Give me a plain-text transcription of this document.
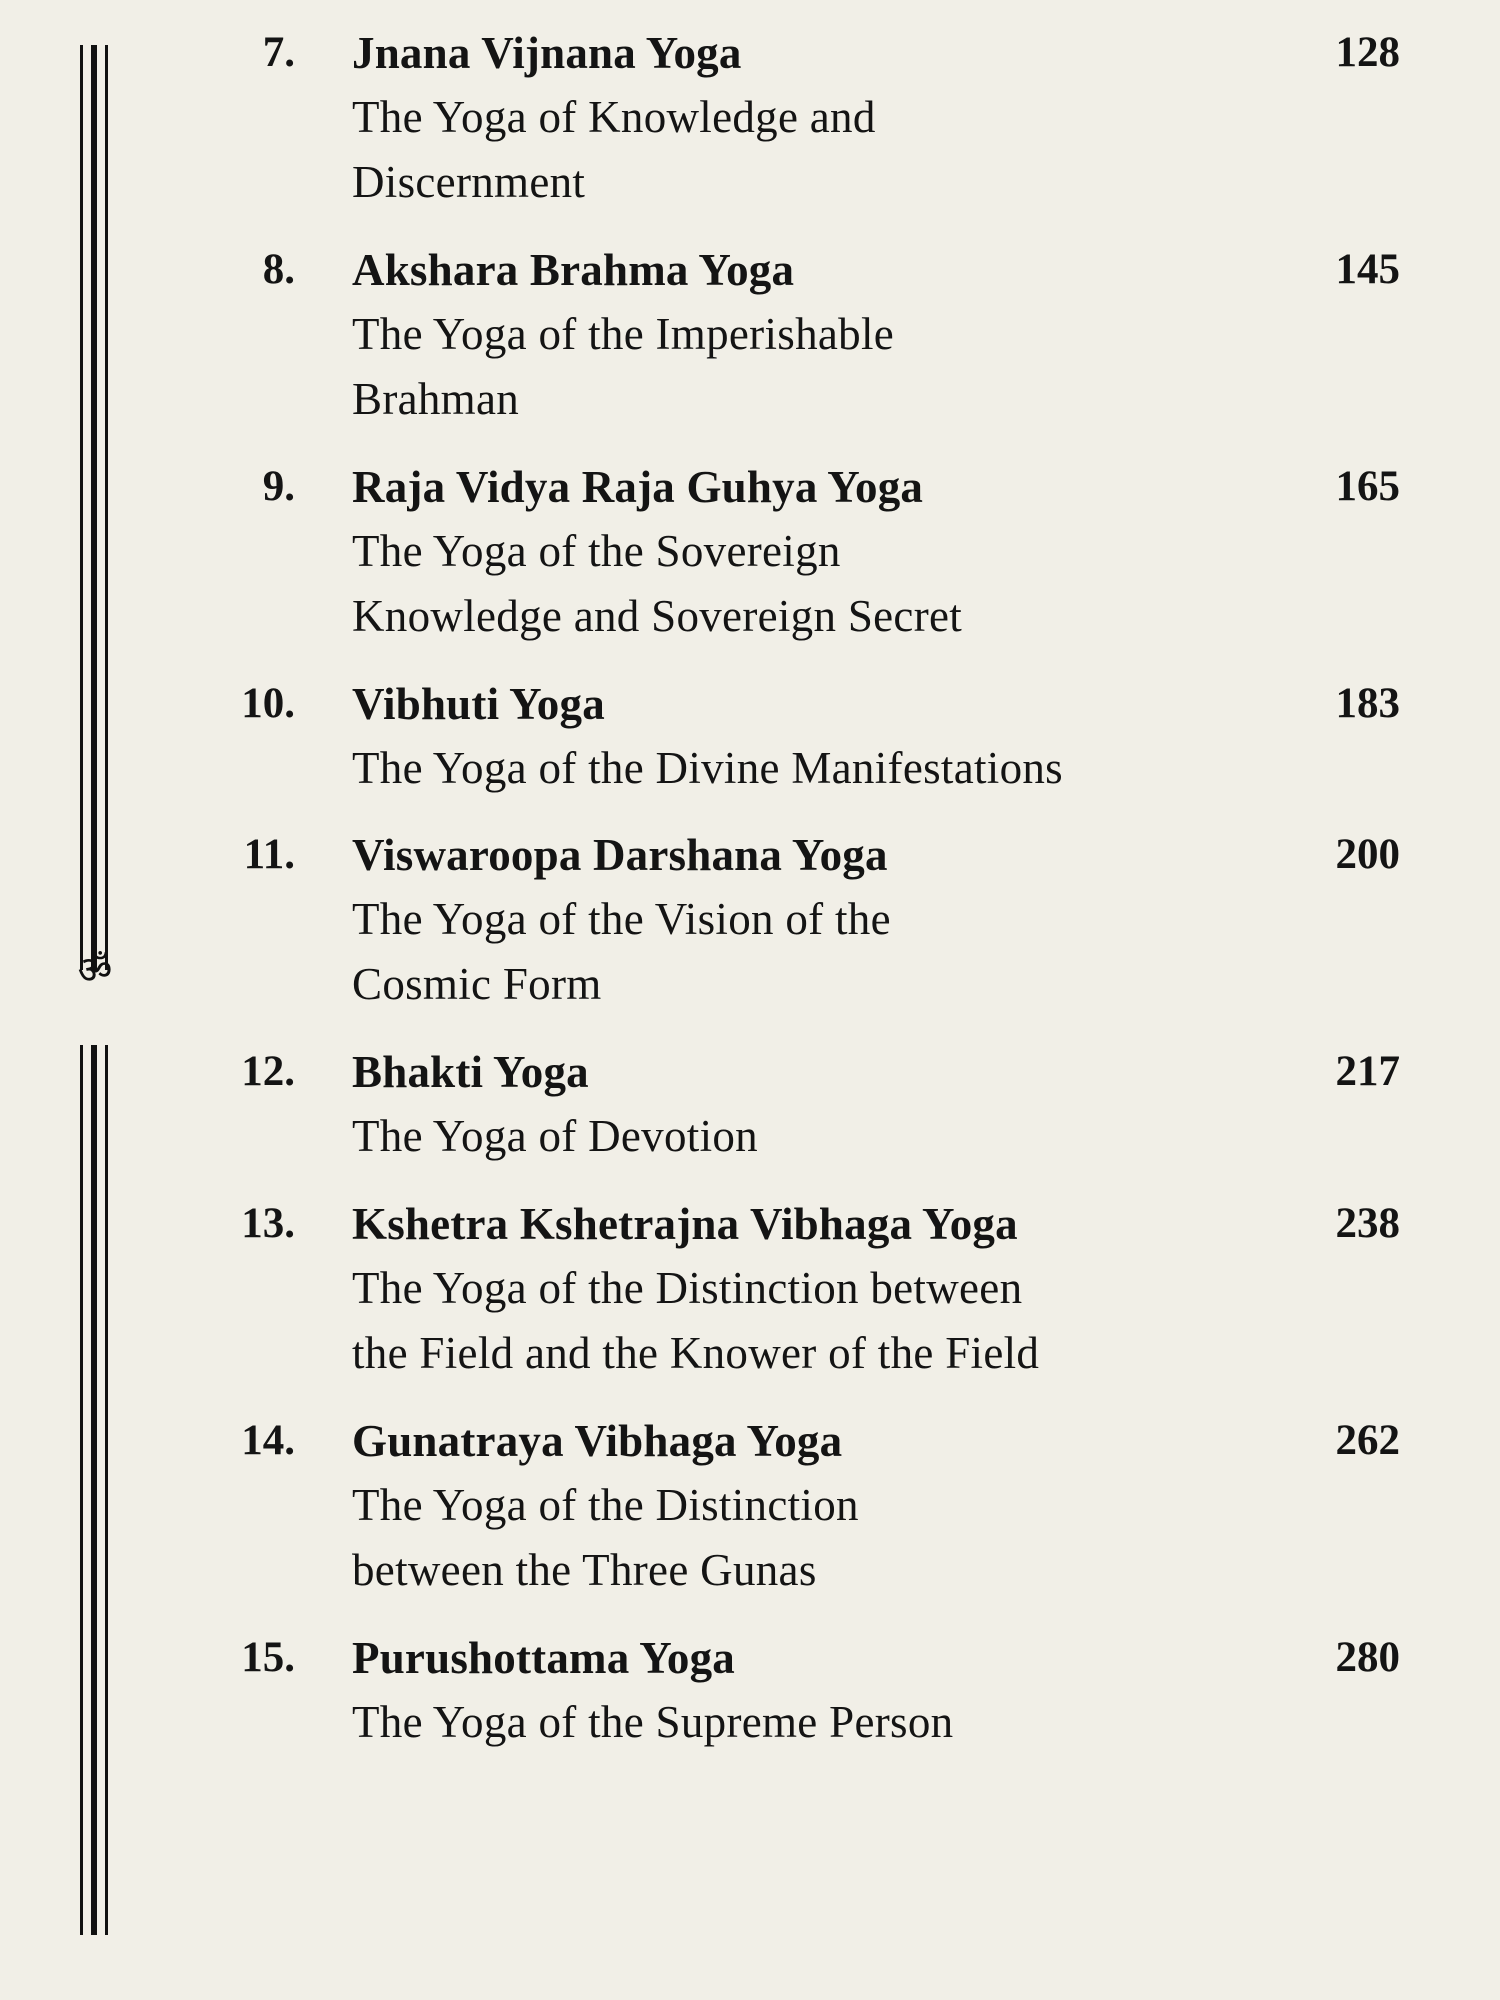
ॐ
7. Jnana Vijnana Yoga	128
The Yoga of Knowledge and
Discernment
8. Akshara Brahma Yoga	145
The Yoga of the Imperishable
Brahman
9. Raja Vidya Raja Guhya Yoga	165
The Yoga of the Sovereign
Knowledge and Sovereign Secret
10. Vibhuti Yoga	183
The Yoga of the Divine Manifestations
11. Viswaroopa Darshana Yoga	200
The Yoga of the Vision of the
Cosmic Form
12. Bhakti Yoga	217
The Yoga of Devotion
13. Kshetra Kshetrajna Vibhaga Yoga	238
The Yoga of the Distinction between
the Field and the Knower of the Field
14. Gunatraya Vibhaga Yoga	262
The Yoga of the Distinction
between the Three Gunas
15. Purushottama Yoga	280
The Yoga of the Supreme Person
